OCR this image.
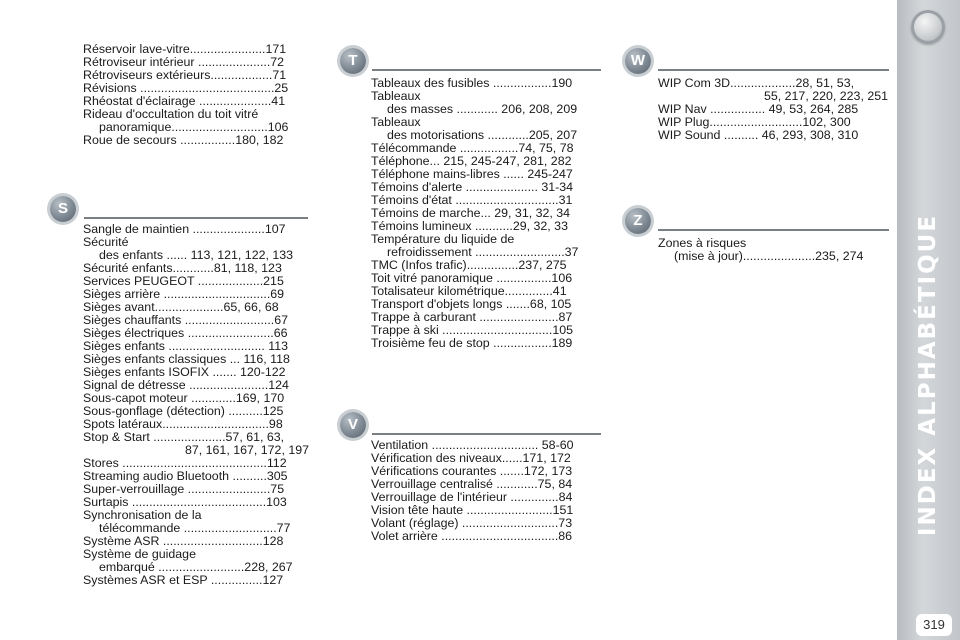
INDEX ALPHABÉTIQUE
319
Réservoir lave-vitre......................171
Rétroviseur intérieur .....................72
Rétroviseurs extérieurs..................71
Révisions .......................................25
Rhéostat d'éclairage .....................41
Rideau d'occultation du toit vitré
panoramique............................106
Roue de secours ................180, 182
S
Sangle de maintien .....................107
Sécurité
des enfants ...... 113, 121, 122, 133
Sécurité enfants............81, 118, 123
Services PEUGEOT ...................215
Sièges arrière ...............................69
Sièges avant....................65, 66, 68
Sièges chauffants ..........................67
Sièges électriques .........................66
Sièges enfants ............................ 113
Sièges enfants classiques ... 116, 118
Sièges enfants ISOFIX ....... 120-122
Signal de détresse .......................124
Sous-capot moteur .............169, 170
Sous-gonflage (détection) ..........125
Spots latéraux...............................98
Stop & Start .....................57, 61, 63,
87, 161, 167, 172, 197
Stores ..........................................112
Streaming audio Bluetooth ..........305
Super-verrouillage ........................75
Surtapis .......................................103
Synchronisation de la
télécommande ...........................77
Système ASR .............................128
Système de guidage
embarqué .........................228, 267
Systèmes ASR et ESP ...............127
T
Tableaux des fusibles .................190
Tableaux
des masses ............ 206, 208, 209
Tableaux
des motorisations ............205, 207
Télécommande .................74, 75, 78
Téléphone... 215, 245-247, 281, 282
Téléphone mains-libres ...... 245-247
Témoins d'alerte ..................... 31-34
Témoins d'état ..............................31
Témoins de marche... 29, 31, 32, 34
Témoins lumineux ...........29, 32, 33
Température du liquide de
refroidissement ..........................37
TMC (Infos trafic)...............237, 275
Toit vitré panoramique ................106
Totalisateur kilométrique..............41
Transport d'objets longs .......68, 105
Trappe à carburant .......................87
Trappe à ski ................................105
Troisième feu de stop .................189
V
Ventilation ............................... 58-60
Vérification des niveaux......171, 172
Vérifications courantes .......172, 173
Verrouillage centralisé ............75, 84
Verrouillage de l'intérieur ..............84
Vision tête haute .........................151
Volant (réglage) ............................73
Volet arrière ..................................86
W
WIP Com 3D...................28, 51, 53,
55, 217, 220, 223, 251
WIP Nav ................ 49, 53, 264, 285
WIP Plug...........................102, 300
WIP Sound .......... 46, 293, 308, 310
Z
Zones à risques
(mise à jour).....................235, 274
